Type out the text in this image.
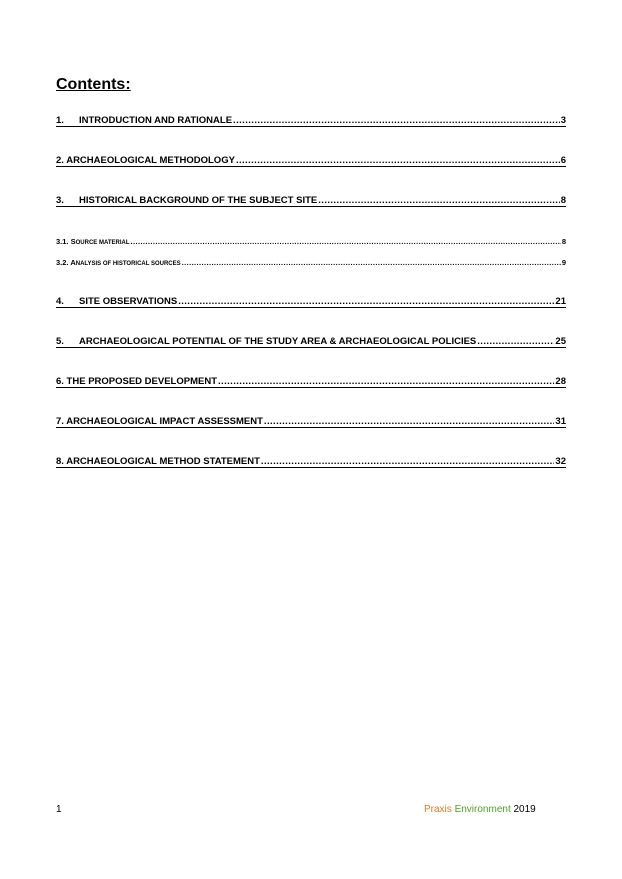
Contents:
1.	INTRODUCTION AND RATIONALE .....	3
2. ARCHAEOLOGICAL METHODOLOGY .....	6
3.	HISTORICAL BACKGROUND OF THE SUBJECT SITE .....	8
3.1. S OURCE MATERIAL .....	8
3.2. A NALYSIS OF HISTORICAL SOURCES .....	9
4.	SITE OBSERVATIONS .....	21
5.	ARCHAEOLOGICAL POTENTIAL OF THE STUDY AREA & ARCHAEOLOGICAL POLICIES .....	25
6. THE PROPOSED DEVELOPMENT .....	28
7. ARCHAEOLOGICAL IMPACT ASSESSMENT .....	31
8. ARCHAEOLOGICAL METHOD STATEMENT .....	32
1	Praxis Environment 2019
